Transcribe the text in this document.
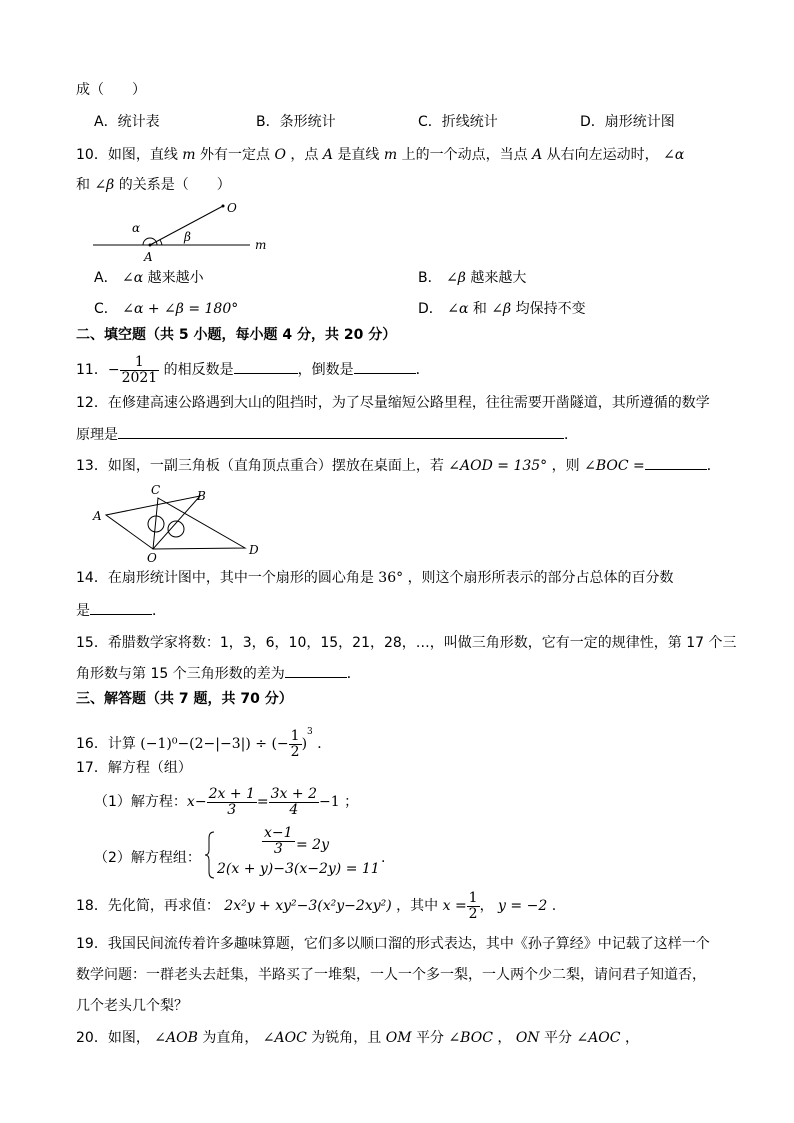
成（　　）
A．统计表	B．条形统计	C．折线统计	D．扇形统计图
10．如图，直线 m 外有一定点 O ，点 A 是直线 m 上的一个动点，当点 A 从右向左运动时， ∠α
和 ∠β 的关系是（　　）
α
β
A
O
m
A． ∠α 越来越小	B． ∠β 越来越大
C． ∠α + ∠β = 180°	D． ∠α 和 ∠β 均保持不变
二、填空题（共 5 小题，每小题 4 分，共 20 分）
11．− $\frac{1}{2021}$ 的相反数是	，倒数是	．
12．在修建高速公路遇到大山的阻挡时，为了尽量缩短公路里程，往往需要开凿隧道，其所遵循的数学
原理是	．
13．如图，一副三角板（直角顶点重合）摆放在桌面上，若 ∠AOD = 135° ，则 ∠BOC =	．
A
B
C
O
D
14．在扇形统计图中，其中一个扇形的圆心角是 36° ，则这个扇形所表示的部分占总体的百分数
是	．
15．希腊数学家将数：1，3，6，10，15，21，28，…，叫做三角形数，它有一定的规律性，第 17 个三
角形数与第 15 个三角形数的差为	．
三、解答题（共 7 题，共 70 分）
16．计算 (−1)⁰−(2−|−3|) ÷ (− $\frac{1}{2} )^3$ ．
17．解方程（组）
（1）解方程：$x- \frac{2x + 1}{3} = \frac{3x + 2}{4} -1$ ；
（2）解方程组：
$\frac{x-1}{3} = 2y$
2(x + y)−3(x−2y) = 11
.
18．先化简，再求值： 2x²y + xy²−3(x²y−2xy²) ，其中 $x = \frac{1}{2}$ ， y = −2 .
19．我国民间流传着许多趣味算题，它们多以顺口溜的形式表达，其中《孙子算经》中记载了这样一个
数学问题：一群老头去赶集，半路买了一堆梨，一人一个多一梨，一人两个少二梨，请问君子知道否，
几个老头几个梨？
20．如图， ∠AOB 为直角， ∠AOC 为锐角，且 OM 平分 ∠BOC ， ON 平分 ∠AOC ，
